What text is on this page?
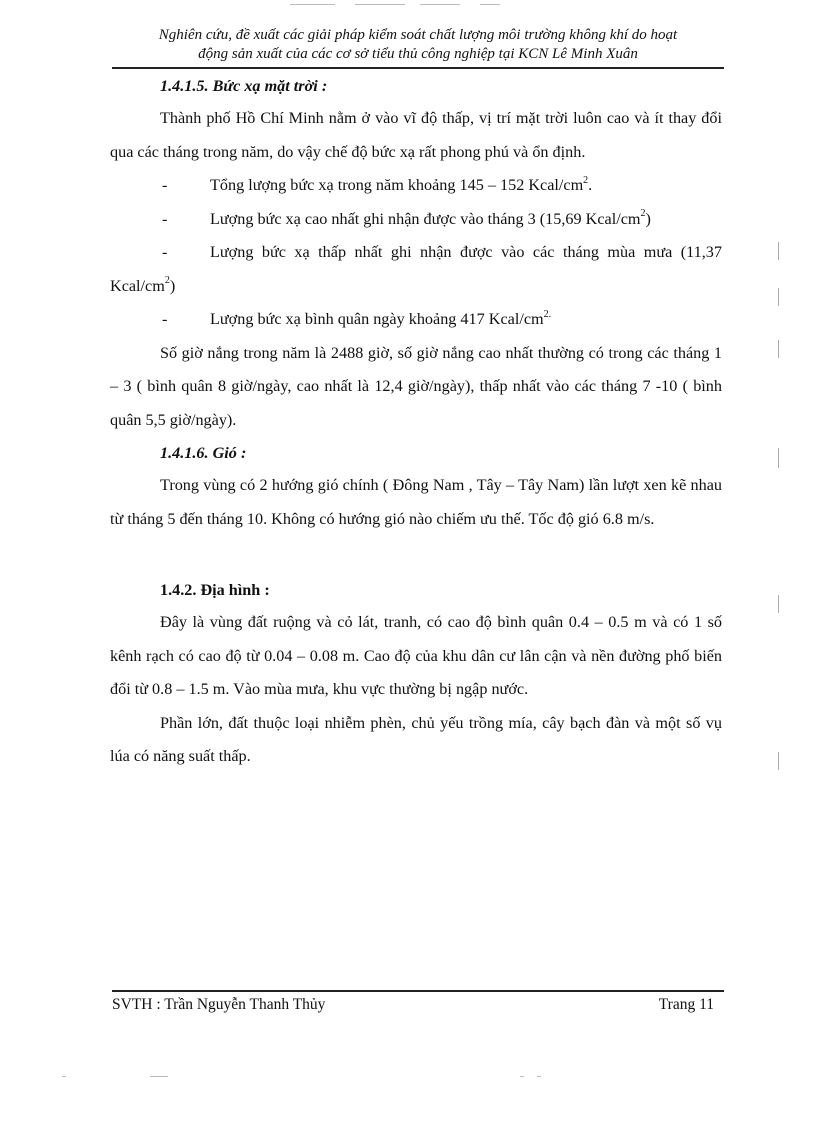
Nghiên cứu, đề xuất các giải pháp kiểm soát chất lượng môi trường không khí do hoạt
động sản xuất của các cơ sở tiểu thủ công nghiệp tại KCN Lê Minh Xuân

1.4.1.5. Bức xạ mặt trời :

Thành phố Hồ Chí Minh nằm ở vào vĩ độ thấp, vị trí mặt trời luôn cao và ít thay đổi qua các tháng trong năm, do vậy chế độ bức xạ rất phong phú và ổn định.

-	Tổng lượng bức xạ trong năm khoảng 145 – 152 Kcal/$cm^2$.

-	Lượng bức xạ cao nhất ghi nhận được vào tháng 3 (15,69 Kcal/$cm^2$)

-	Lượng bức xạ thấp nhất ghi nhận được vào các tháng mùa mưa (11,37 Kcal/$cm^2$)

-	Lượng bức xạ bình quân ngày khoảng 417 Kcal/$cm^{2.}$

Số giờ nắng trong năm là 2488 giờ, số giờ nắng cao nhất thường có trong các tháng 1 – 3 ( bình quân 8 giờ/ngày, cao nhất là 12,4 giờ/ngày), thấp nhất vào các tháng 7 -10 ( bình quân 5,5 giờ/ngày).

1.4.1.6. Gió :

Trong vùng có 2 hướng gió chính ( Đông Nam , Tây – Tây Nam) lần lượt xen kẽ nhau từ tháng 5 đến tháng 10. Không có hướng gió nào chiếm ưu thế. Tốc độ gió 6.8 m/s.

1.4.2. Địa hình :

Đây là vùng đất ruộng và cỏ lát, tranh, có cao độ bình quân 0.4 – 0.5 m và có 1 số kênh rạch có cao độ từ 0.04 – 0.08 m. Cao độ của khu dân cư lân cận và nền đường phố biến đổi từ 0.8 – 1.5 m. Vào mùa mưa, khu vực thường bị ngập nước.

Phần lớn, đất thuộc loại nhiễm phèn, chủ yếu trồng mía, cây bạch đàn và một số vụ lúa có năng suất thấp.

SVTH : Trần Nguyễn Thanh Thủy	Trang 11
